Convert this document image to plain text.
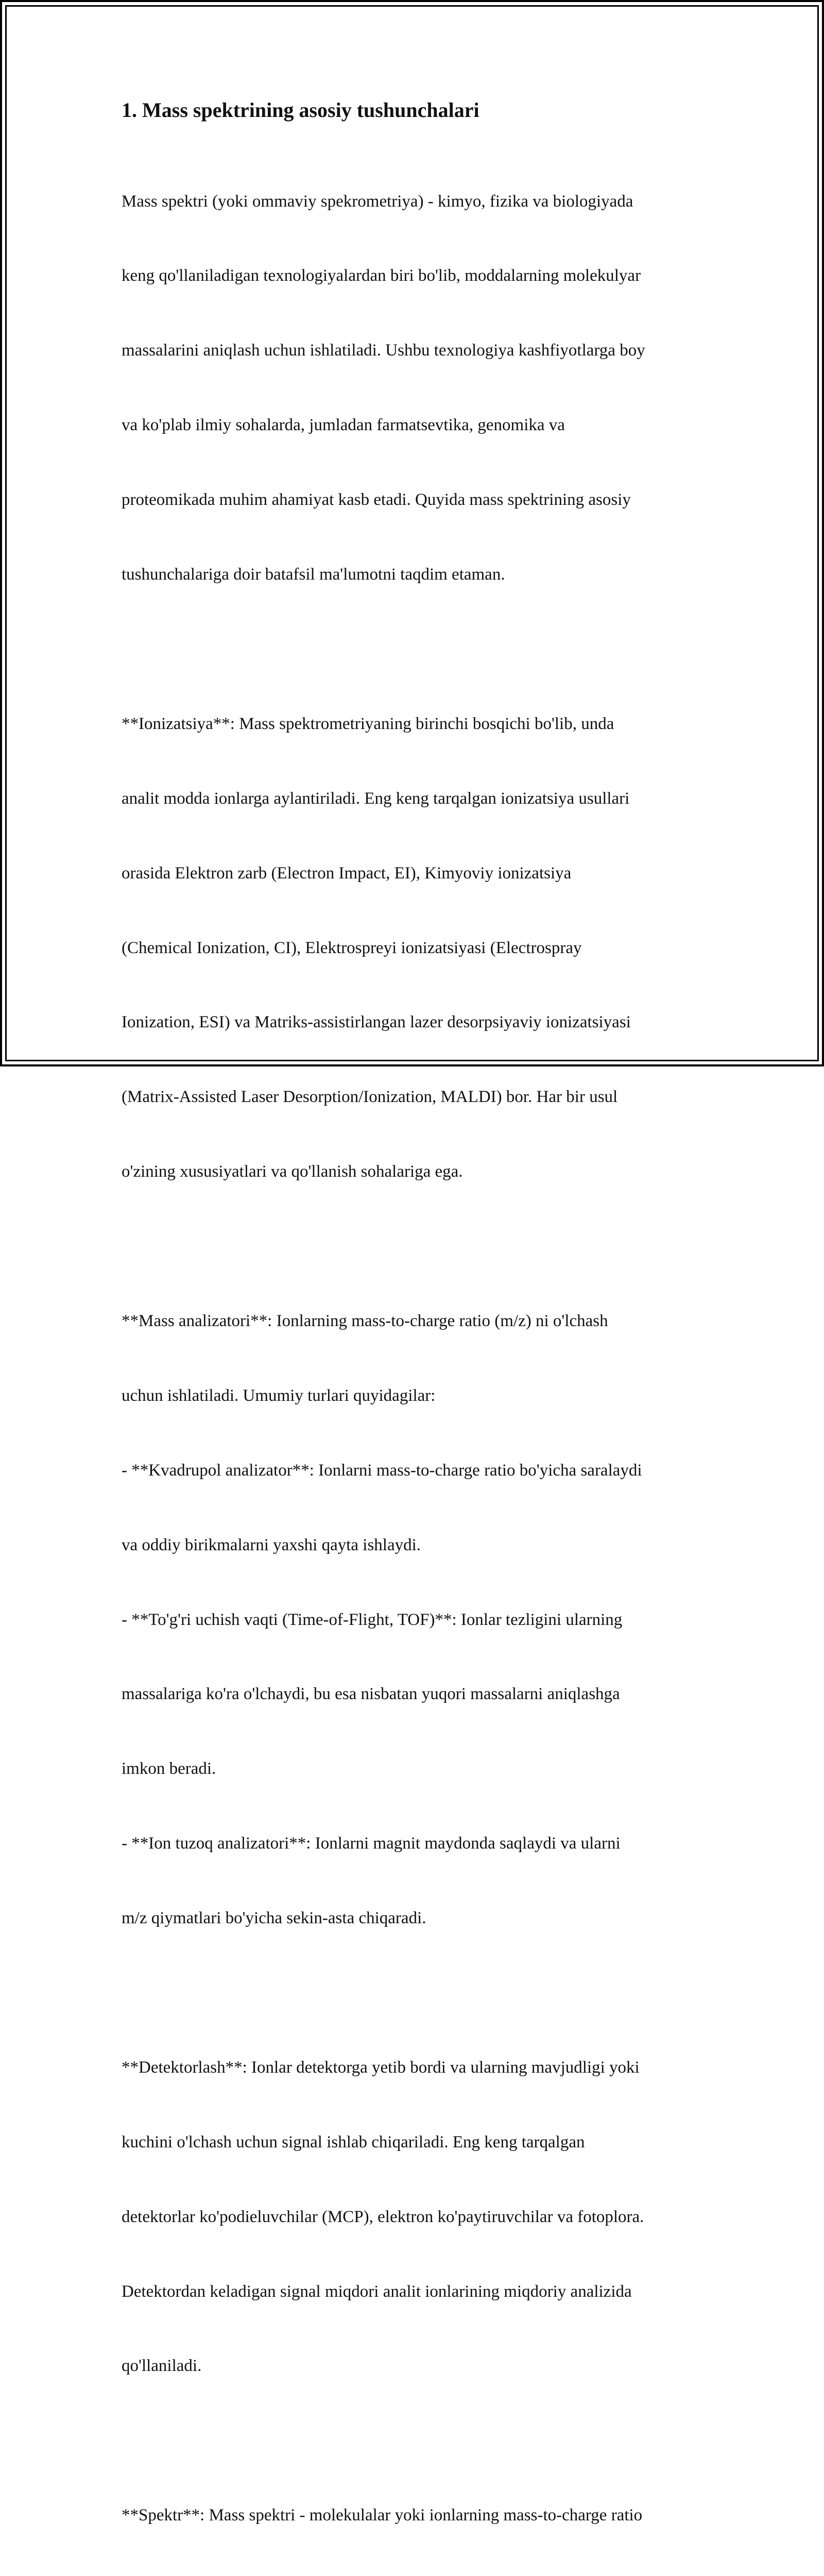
1. Mass spektrining asosiy tushunchalari

Mass spektri (yoki ommaviy spekrometriya) - kimyo, fizika va biologiyada

keng qo'llaniladigan texnologiyalardan biri bo'lib, moddalarning molekulyar

massalarini aniqlash uchun ishlatiladi. Ushbu texnologiya kashfiyotlarga boy

va ko'plab ilmiy sohalarda, jumladan farmatsevtika, genomika va

proteomikada muhim ahamiyat kasb etadi. Quyida mass spektrining asosiy

tushunchalariga doir batafsil ma'lumotni taqdim etaman.

**Ionizatsiya**: Mass spektrometriyaning birinchi bosqichi bo'lib, unda

analit modda ionlarga aylantiriladi. Eng keng tarqalgan ionizatsiya usullari

orasida Elektron zarb (Electron Impact, EI), Kimyoviy ionizatsiya

(Chemical Ionization, CI), Elektrospreyi ionizatsiyasi (Electrospray

Ionization, ESI) va Matriks-assistirlangan lazer desorpsiyaviy ionizatsiyasi

(Matrix-Assisted Laser Desorption/Ionization, MALDI) bor. Har bir usul

o'zining xususiyatlari va qo'llanish sohalariga ega.

**Mass analizatori**: Ionlarning mass-to-charge ratio (m/z) ni o'lchash

uchun ishlatiladi. Umumiy turlari quyidagilar:

- **Kvadrupol analizator**: Ionlarni mass-to-charge ratio bo'yicha saralaydi

va oddiy birikmalarni yaxshi qayta ishlaydi.

- **To'g'ri uchish vaqti (Time-of-Flight, TOF)**: Ionlar tezligini ularning

massalariga ko'ra o'lchaydi, bu esa nisbatan yuqori massalarni aniqlashga

imkon beradi.

- **Ion tuzoq analizatori**: Ionlarni magnit maydonda saqlaydi va ularni

m/z qiymatlari bo'yicha sekin-asta chiqaradi.

**Detektorlash**: Ionlar detektorga yetib bordi va ularning mavjudligi yoki

kuchini o'lchash uchun signal ishlab chiqariladi. Eng keng tarqalgan

detektorlar ko'podieluvchilar (MCP), elektron ko'paytiruvchilar va fotoplora.

Detektordan keladigan signal miqdori analit ionlarining miqdoriy analizida

qo'llaniladi.

**Spektr**: Mass spektri - molekulalar yoki ionlarning mass-to-charge ratio
